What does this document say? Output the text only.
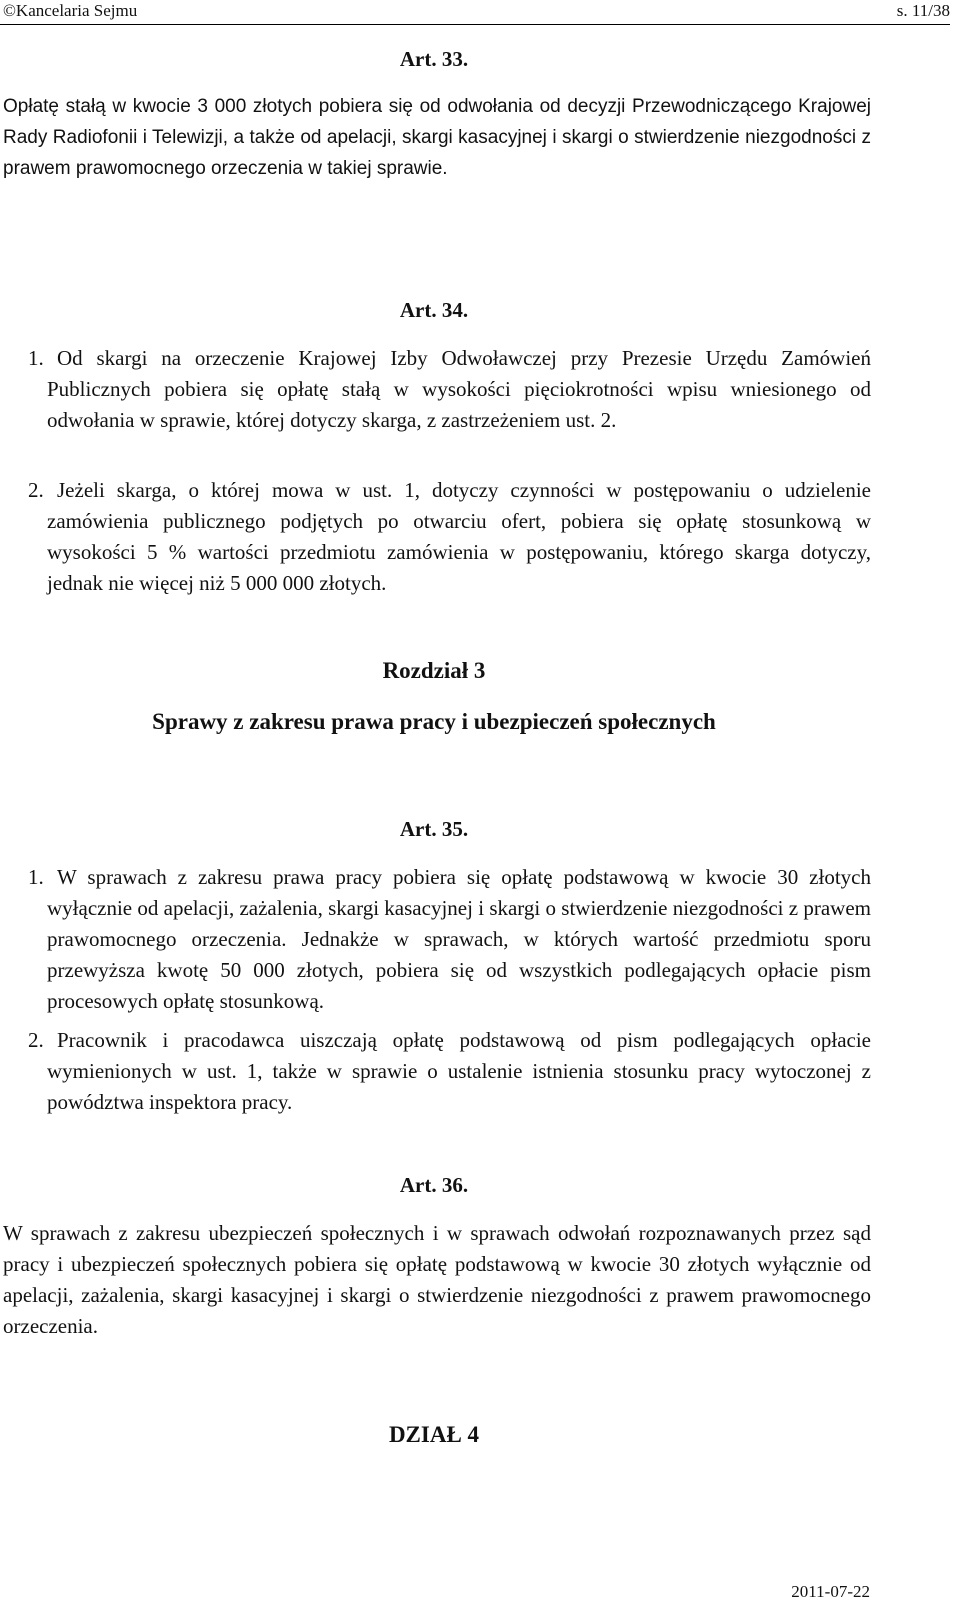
©Kancelaria Sejmu	s. 11/38
Art. 33.
Opłatę stałą w kwocie 3 000 złotych pobiera się od odwołania od decyzji Przewodniczącego Krajowej Rady Radiofonii i Telewizji, a także od apelacji, skargi kasacyjnej i skargi o stwierdzenie niezgodności z prawem prawomocnego orzeczenia w takiej sprawie.
Art. 34.
1. Od skargi na orzeczenie Krajowej Izby Odwoławczej przy Prezesie Urzędu Zamówień Publicznych pobiera się opłatę stałą w wysokości pięciokrotności wpisu wniesionego od odwołania w sprawie, której dotyczy skarga, z zastrzeżeniem ust. 2.
2. Jeżeli skarga, o której mowa w ust. 1, dotyczy czynności w postępowaniu o udzielenie zamówienia publicznego podjętych po otwarciu ofert, pobiera się opłatę stosunkową w wysokości 5 % wartości przedmiotu zamówienia w postępowaniu, którego skarga dotyczy, jednak nie więcej niż 5 000 000 złotych.
Rozdział 3
Sprawy z zakresu prawa pracy i ubezpieczeń społecznych
Art. 35.
1. W sprawach z zakresu prawa pracy pobiera się opłatę podstawową w kwocie 30 złotych wyłącznie od apelacji, zażalenia, skargi kasacyjnej i skargi o stwierdzenie niezgodności z prawem prawomocnego orzeczenia. Jednakże w sprawach, w których wartość przedmiotu sporu przewyższa kwotę 50 000 złotych, pobiera się od wszystkich podlegających opłacie pism procesowych opłatę stosunkową.
2. Pracownik i pracodawca uiszczają opłatę podstawową od pism podlegających opłacie wymienionych w ust. 1, także w sprawie o ustalenie istnienia stosunku pracy wytoczonej z powództwa inspektora pracy.
Art. 36.
W sprawach z zakresu ubezpieczeń społecznych i w sprawach odwołań rozpoznawanych przez sąd pracy i ubezpieczeń społecznych pobiera się opłatę podstawową w kwocie 30 złotych wyłącznie od apelacji, zażalenia, skargi kasacyjnej i skargi o stwierdzenie niezgodności z prawem prawomocnego orzeczenia.
DZIAŁ 4
2011-07-22
